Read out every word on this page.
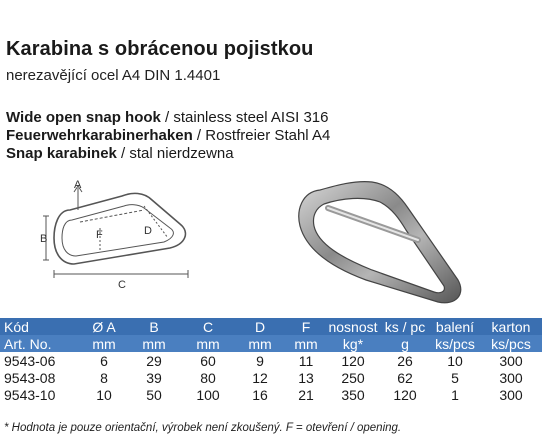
Karabina s obrácenou pojistkou
nerezavějící ocel A4 DIN 1.4401
Wide open snap hook / stainless steel AISI 316
Feuerwehrkarabinerhaken / Rostfreier Stahl A4
Snap karabinek / stal nierdzewna
A
B
C
D
F
Kód	Ø A	B	C	D	F	nosnost	ks / pc	balení	karton
Art. No.	mm	mm	mm	mm	mm	kg*	g	ks/pcs	ks/pcs
9543-06	6	29	60	9	11	120	26	10	300
9543-08	8	39	80	12	13	250	62	5	300
9543-10	10	50	100	16	21	350	120	1	300
* Hodnota je pouze orientační, výrobek není zkoušený. F = otevření / opening.
